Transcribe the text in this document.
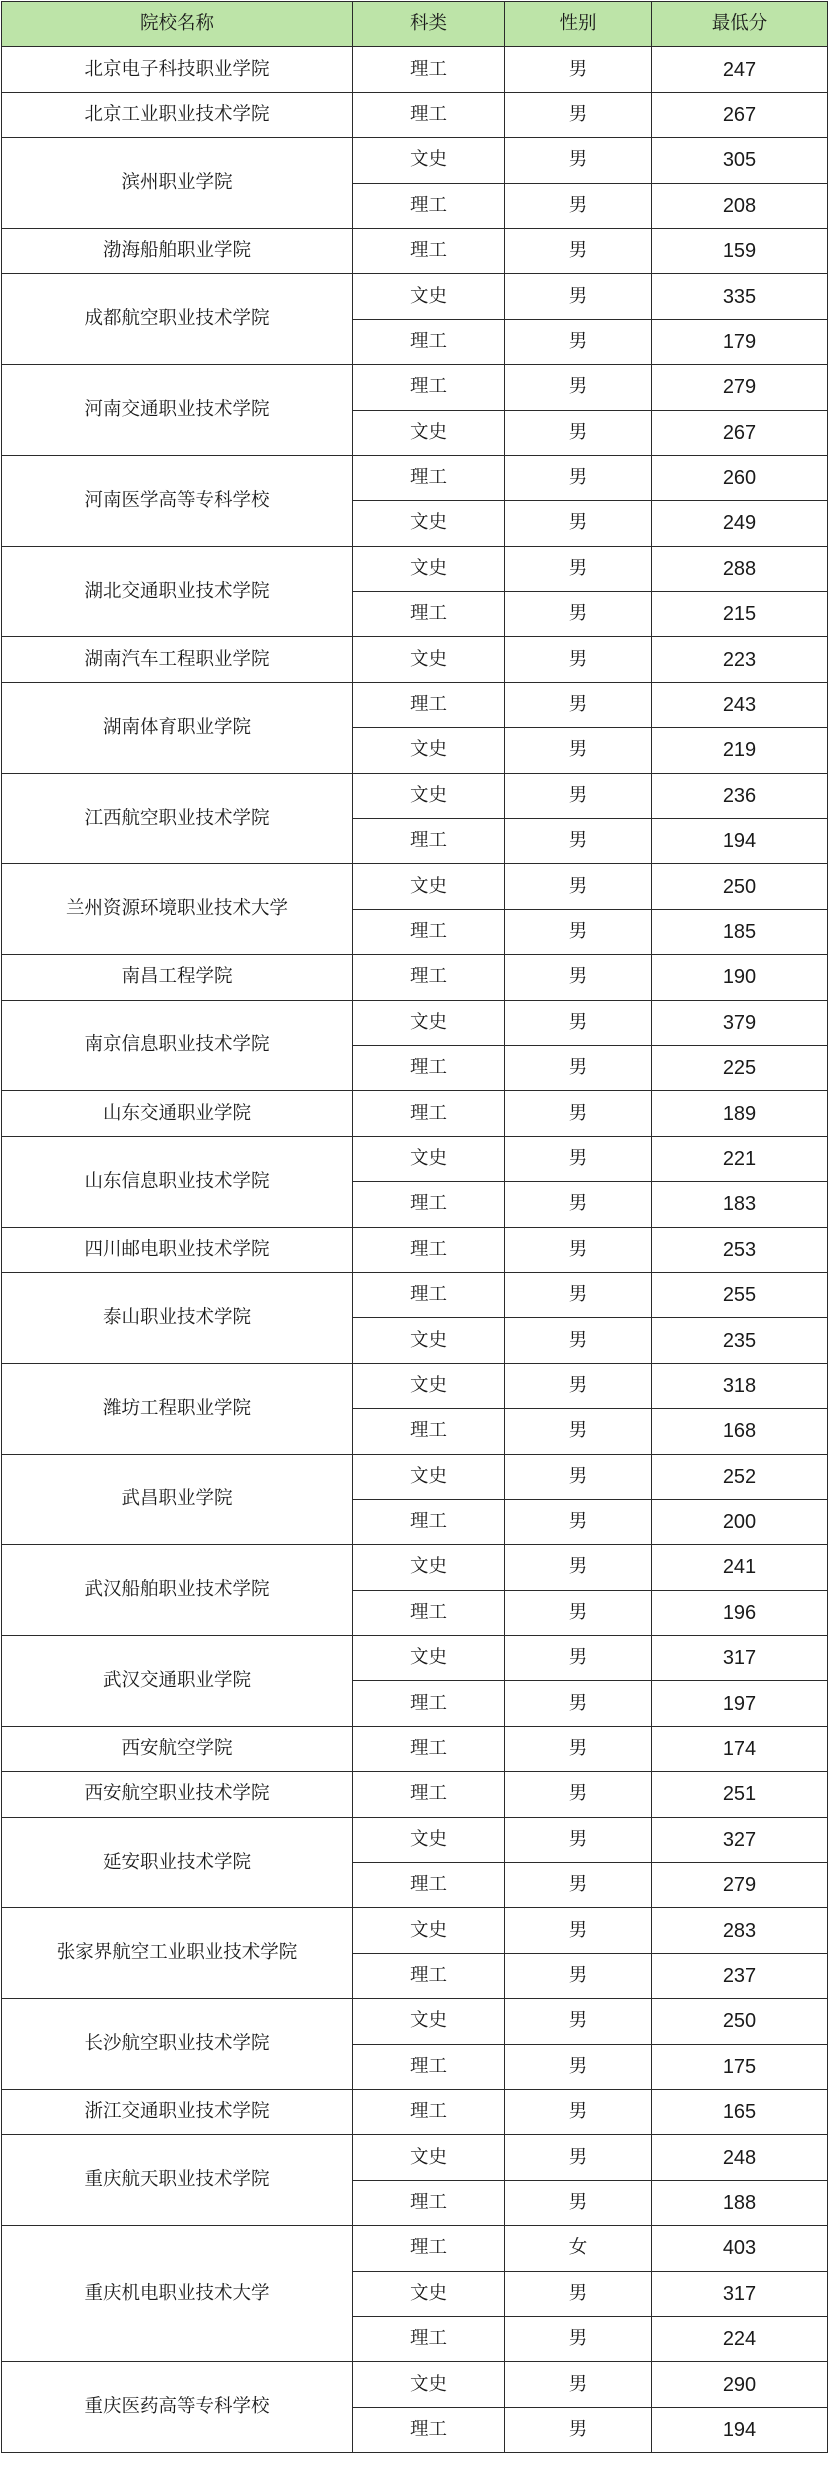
院校名称	科类	性别	最低分
北京电子科技职业学院	理工	男	247
北京工业职业技术学院	理工	男	267
滨州职业学院	文史	男	305
	理工	男	208
渤海船舶职业学院	理工	男	159
成都航空职业技术学院	文史	男	335
	理工	男	179
河南交通职业技术学院	理工	男	279
	文史	男	267
河南医学高等专科学校	理工	男	260
	文史	男	249
湖北交通职业技术学院	文史	男	288
	理工	男	215
湖南汽车工程职业学院	文史	男	223
湖南体育职业学院	理工	男	243
	文史	男	219
江西航空职业技术学院	文史	男	236
	理工	男	194
兰州资源环境职业技术大学	文史	男	250
	理工	男	185
南昌工程学院	理工	男	190
南京信息职业技术学院	文史	男	379
	理工	男	225
山东交通职业学院	理工	男	189
山东信息职业技术学院	文史	男	221
	理工	男	183
四川邮电职业技术学院	理工	男	253
泰山职业技术学院	理工	男	255
	文史	男	235
潍坊工程职业学院	文史	男	318
	理工	男	168
武昌职业学院	文史	男	252
	理工	男	200
武汉船舶职业技术学院	文史	男	241
	理工	男	196
武汉交通职业学院	文史	男	317
	理工	男	197
西安航空学院	理工	男	174
西安航空职业技术学院	理工	男	251
延安职业技术学院	文史	男	327
	理工	男	279
张家界航空工业职业技术学院	文史	男	283
	理工	男	237
长沙航空职业技术学院	文史	男	250
	理工	男	175
浙江交通职业技术学院	理工	男	165
重庆航天职业技术学院	文史	男	248
	理工	男	188
重庆机电职业技术大学	理工	女	403
	文史	男	317
	理工	男	224
重庆医药高等专科学校	文史	男	290
	理工	男	194
